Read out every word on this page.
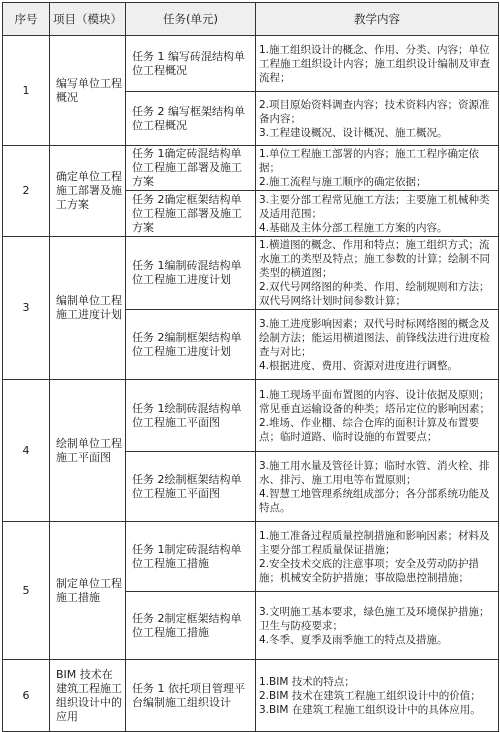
序号	项目（模块）	任务(单元)	教学内容
1	编写单位工程概况	任务 1 编写砖混结构单位工程概况	1.施工组织设计的概念、作用、分类、内容；单位工程施工组织设计内容；施工组织设计编制及审查流程；

		任务 2 编写框架结构单位工程概况	2.项目原始资料调查内容；技术资料内容；资源准备内容；
3.工程建设概况、设计概况、施工概况。

2	确定单位工程施工部署及施工方案	任务 1确定砖混结构单位工程施工部署及施工方案	1.单位工程施工部署的内容；施工工程序确定依据；
2.施工流程与施工顺序的确定依据；

		任务 2确定框架结构单位工程施工部署及施工方案	3.主要分部工程常见施工方法；主要施工机械种类及适用范围；
4.基础及主体分部工程施工方案的内容。

3	编制单位工程施工进度计划	任务 1编制砖混结构单位工程施工进度计划	1.横道图的概念、作用和特点；施工组织方式；流水施工的类型及特点；施工参数的计算；绘制不同类型的横道图；
2.双代号网络图的种类、作用、绘制规则和方法；双代号网络计划时间参数计算；

		任务 2编制框架结构单位工程施工进度计划	3.施工进度影响因素；双代号时标网络图的概念及绘制方法；能运用横道图法、前锋线法进行进度检查与对比；
4.根据进度、费用、资源对进度进行调整。

4	绘制单位工程施工平面图	任务 1绘制砖混结构单位工程施工平面图	1.施工现场平面布置图的内容、设计依据及原则；常见垂直运输设备的种类；塔吊定位的影响因素；
2.堆场、作业棚、综合仓库的面积计算及布置要点；临时道路、临时设施的布置要点；

		任务 2绘制框架结构单位工程施工平面图	3.施工用水量及管径计算；临时水管、消火栓、排水、排污、施工用电等布置原则；
4.智慧工地管理系统组成部分；各分部系统功能及特点。

5	制定单位工程施工措施	任务 1制定砖混结构单位工程施工措施	1.施工准备过程质量控制措施和影响因素；材料及主要分部工程质量保证措施；
2.安全技术交底的注意事项；安全及劳动防护措施；机械安全防护措施；事故隐患控制措施；

		任务 2制定框架结构单位工程施工措施	3.文明施工基本要求，绿色施工及环境保护措施；卫生与防疫要求；
4.冬季、夏季及雨季施工的特点及措施。

6	BIM 技术在建筑工程施工组织设计中的应用	任务 1 依托项目管理平台编制施工组织设计	1.BIM 技术的特点；
2.BIM 技术在建筑工程施工组织设计中的价值；
3.BIM 在建筑工程施工组织设计中的具体应用。
